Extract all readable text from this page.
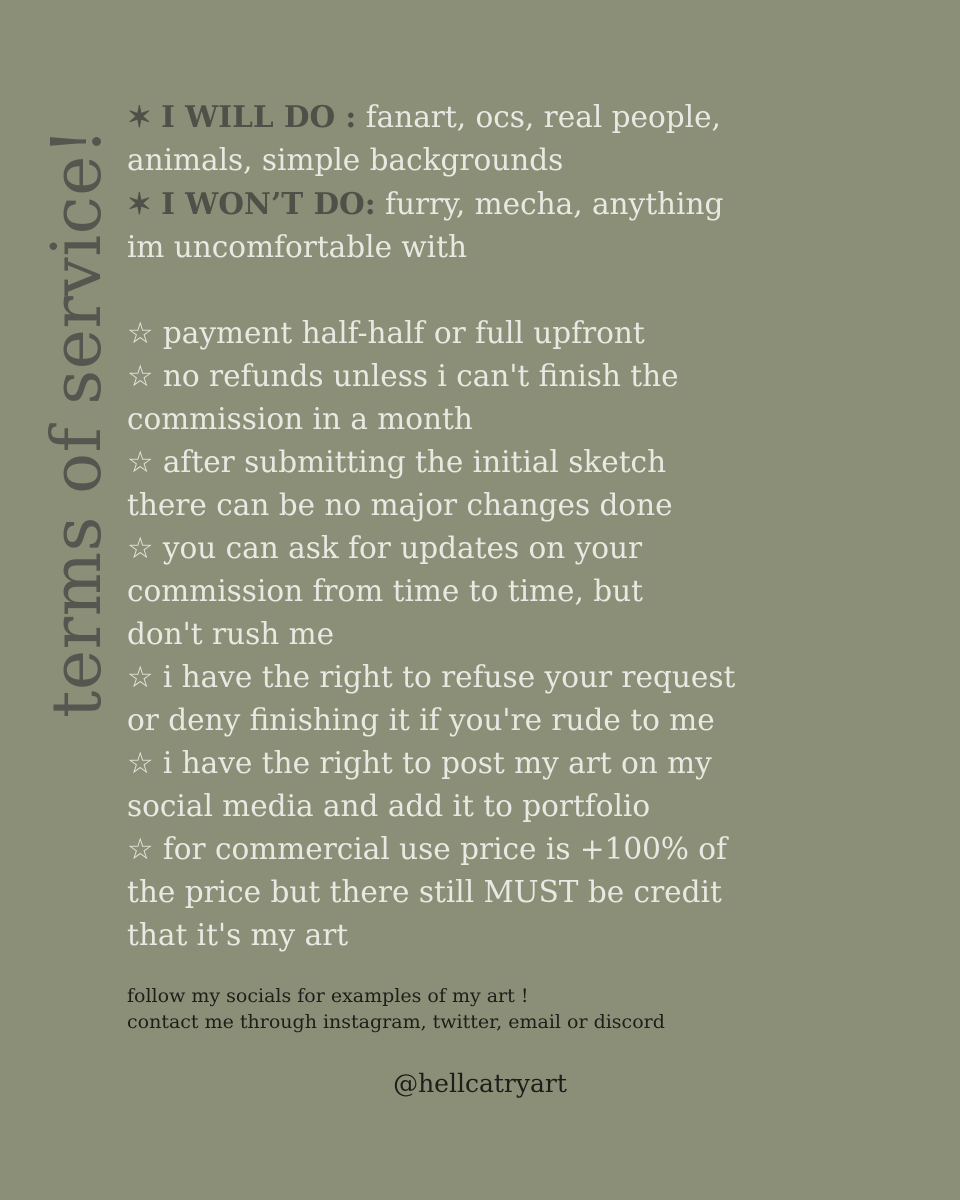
terms of service!
✶ I WILL DO : fanart, ocs, real people,
animals, simple backgrounds
✶ I WON’T DO: furry, mecha, anything
im uncomfortable with
☆ payment half-half or full upfront
☆ no refunds unless i can't finish the
commission in a month
☆ after submitting the initial sketch
there can be no major changes done
☆ you can ask for updates on your
commission from time to time, but
don't rush me
☆ i have the right to refuse your request
or deny finishing it if you're rude to me
☆ i have the right to post my art on my
social media and add it to portfolio
☆ for commercial use price is +100% of
the price but there still MUST be credit
that it's my art
follow my socials for examples of my art !
contact me through instagram, twitter, email or discord
@hellcatryart
